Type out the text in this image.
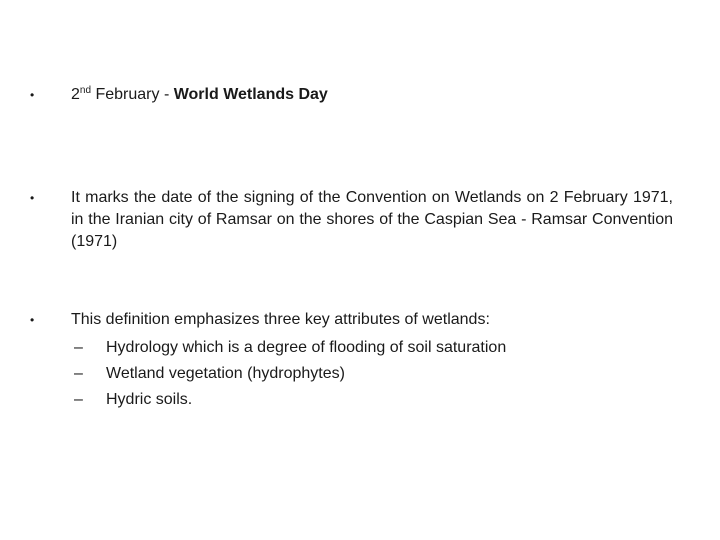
•	2nd February - World Wetlands Day
•	It marks the date of the signing of the Convention on Wetlands on 2 February 1971, in the Iranian city of Ramsar on the shores of the Caspian Sea - Ramsar Convention (1971)
•	This definition emphasizes three key attributes of wetlands:
– Hydrology which is a degree of flooding of soil saturation
– Wetland vegetation (hydrophytes)
– Hydric soils.
